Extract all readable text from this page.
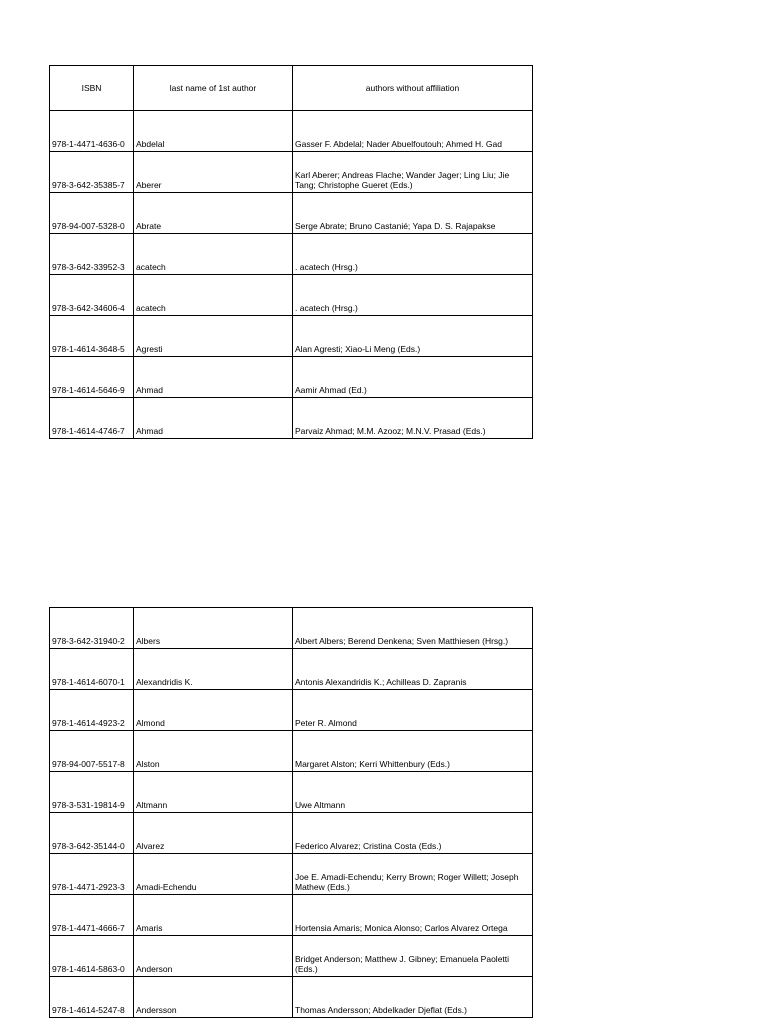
ISBN	last name of 1st author	authors without affiliation
978-1-4471-4636-0	Abdelal	Gasser F. Abdelal; Nader Abuelfoutouh; Ahmed H. Gad
978-3-642-35385-7	Aberer	Karl Aberer; Andreas Flache; Wander Jager; Ling Liu; Jie Tang; Christophe Gueret (Eds.)
978-94-007-5328-0	Abrate	Serge Abrate; Bruno Castanié; Yapa D. S. Rajapakse
978-3-642-33952-3	acatech	. acatech (Hrsg.)
978-3-642-34606-4	acatech	. acatech (Hrsg.)
978-1-4614-3648-5	Agresti	Alan Agresti; Xiao-Li Meng (Eds.)
978-1-4614-5646-9	Ahmad	Aamir Ahmad (Ed.)
978-1-4614-4746-7	Ahmad	Parvaiz Ahmad; M.M. Azooz; M.N.V. Prasad (Eds.)
978-3-642-31940-2	Albers	Albert Albers; Berend Denkena; Sven Matthiesen (Hrsg.)
978-1-4614-6070-1	Alexandridis K.	Antonis Alexandridis K.; Achilleas D. Zapranis
978-1-4614-4923-2	Almond	Peter R. Almond
978-94-007-5517-8	Alston	Margaret Alston; Kerri Whittenbury (Eds.)
978-3-531-19814-9	Altmann	Uwe Altmann
978-3-642-35144-0	Alvarez	Federico Alvarez; Cristina Costa (Eds.)
978-1-4471-2923-3	Amadi-Echendu	Joe E. Amadi-Echendu; Kerry Brown; Roger Willett; Joseph Mathew (Eds.)
978-1-4471-4666-7	Amaris	Hortensia Amaris; Monica Alonso; Carlos Alvarez Ortega
978-1-4614-5863-0	Anderson	Bridget Anderson; Matthew J. Gibney; Emanuela Paoletti (Eds.)
978-1-4614-5247-8	Andersson	Thomas Andersson; Abdelkader Djeflat (Eds.)
